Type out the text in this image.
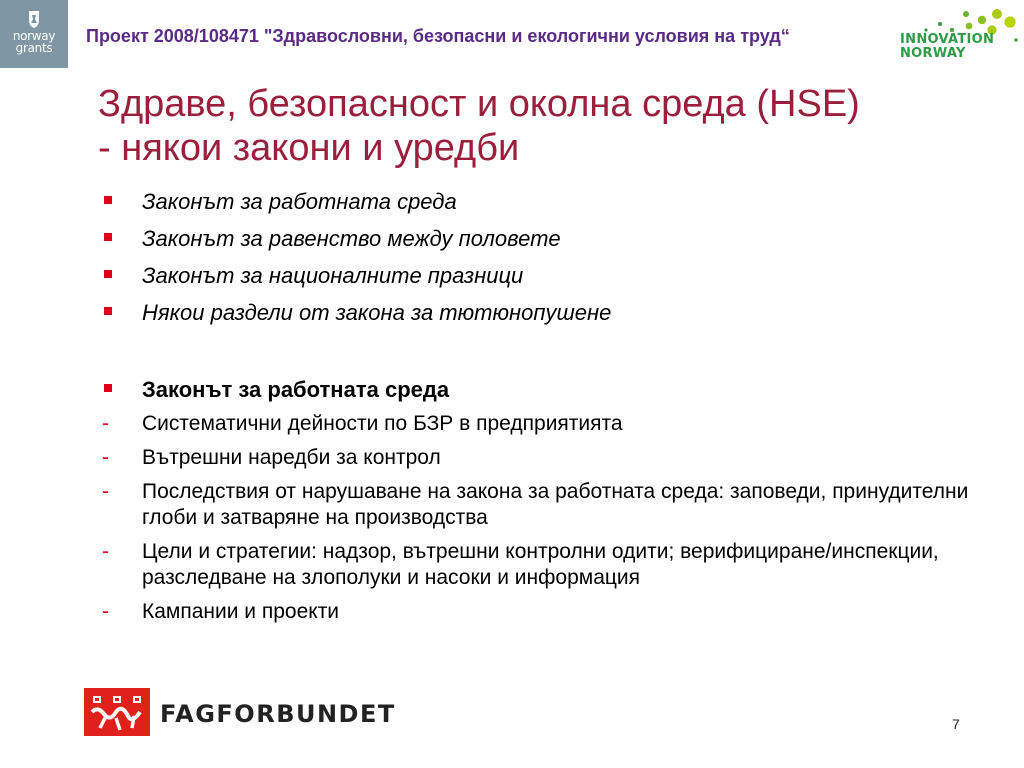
norway
grants
Проект 2008/108471 "Здравословни, безопасни и екологични условия на труд“	INNOVATION
NORWAY
Здраве, безопасност и околна среда (HSE)
- някои закони и уредби
Законът за работната среда
Законът за равенство между половете
Законът за националните празници
Някои раздели от закона за тютюнопушене
Законът за работната среда
- Систематични дейности по БЗР в предприятията
- Вътрешни наредби за контрол
- Последствия от нарушаване на закона за работната среда: заповеди, принудителни глоби и затваряне на производства
- Цели и стратегии: надзор, вътрешни контролни одити; верифициране/инспекции, разследване на злополуки и насоки и информация
- Кампании и проекти
FAGFORBUNDET	7
